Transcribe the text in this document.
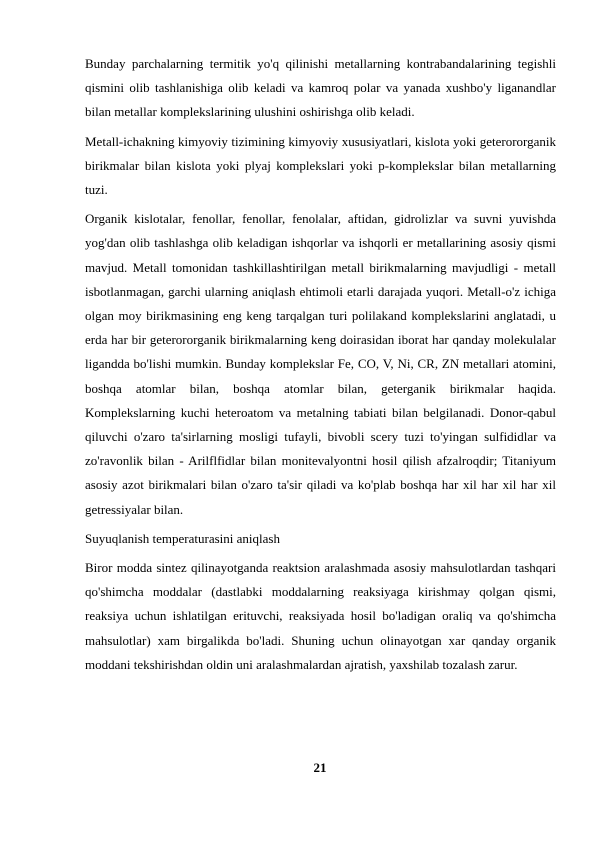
Bunday parchalarning termitik yo'q qilinishi metallarning kontrabandalarining tegishli qismini olib tashlanishiga olib keladi va kamroq polar va yanada xushbo'y liganandlar bilan metallar komplekslarining ulushini oshirishga olib keladi.

Metall-ichakning kimyoviy tizimining kimyoviy xususiyatlari, kislota yoki geterororganik birikmalar bilan kislota yoki plyaj komplekslari yoki p-komplekslar bilan metallarning tuzi.

Organik kislotalar, fenollar, fenollar, fenolalar, aftidan, gidrolizlar va suvni yuvishda yog'dan olib tashlashga olib keladigan ishqorlar va ishqorli er metallarining asosiy qismi mavjud. Metall tomonidan tashkillashtirilgan metall birikmalarning mavjudligi - metall isbotlanmagan, garchi ularning aniqlash ehtimoli etarli darajada yuqori. Metall-o'z ichiga olgan moy birikmasining eng keng tarqalgan turi polilakand komplekslarini anglatadi, u erda har bir geterororganik birikmalarning keng doirasidan iborat har qanday molekulalar ligandda bo'lishi mumkin. Bunday komplekslar Fe, CO, V, Ni, CR, ZN metallari atomini, boshqa atomlar bilan, boshqa atomlar bilan, geterganik birikmalar haqida. Komplekslarning kuchi heteroatom va metalning tabiati bilan belgilanadi. Donor-qabul qiluvchi o'zaro ta'sirlarning mosligi tufayli, bivobli scery tuzi to'yingan sulfididlar va zo'ravonlik bilan - Arilflfidlar bilan monitevalyontni hosil qilish afzalroqdir; Titaniyum asosiy azot birikmalari bilan o'zaro ta'sir qiladi va ko'plab boshqa har xil har xil har xil getressiyalar bilan.

Suyuqlanish temperaturasini aniqlash

Biror modda sintez qilinayotganda reaktsion aralashmada asosiy mahsulotlardan tashqari qo'shimcha moddalar (dastlabki moddalarning reaksiyaga kirishmay qolgan qismi, reaksiya uchun ishlatilgan erituvchi, reaksiyada hosil bo'ladigan oraliq va qo'shimcha mahsulotlar) xam birgalikda bo'ladi. Shuning uchun olinayotgan xar qanday organik moddani tekshirishdan oldin uni aralashmalardan ajratish, yaxshilab tozalash zarur.

21
